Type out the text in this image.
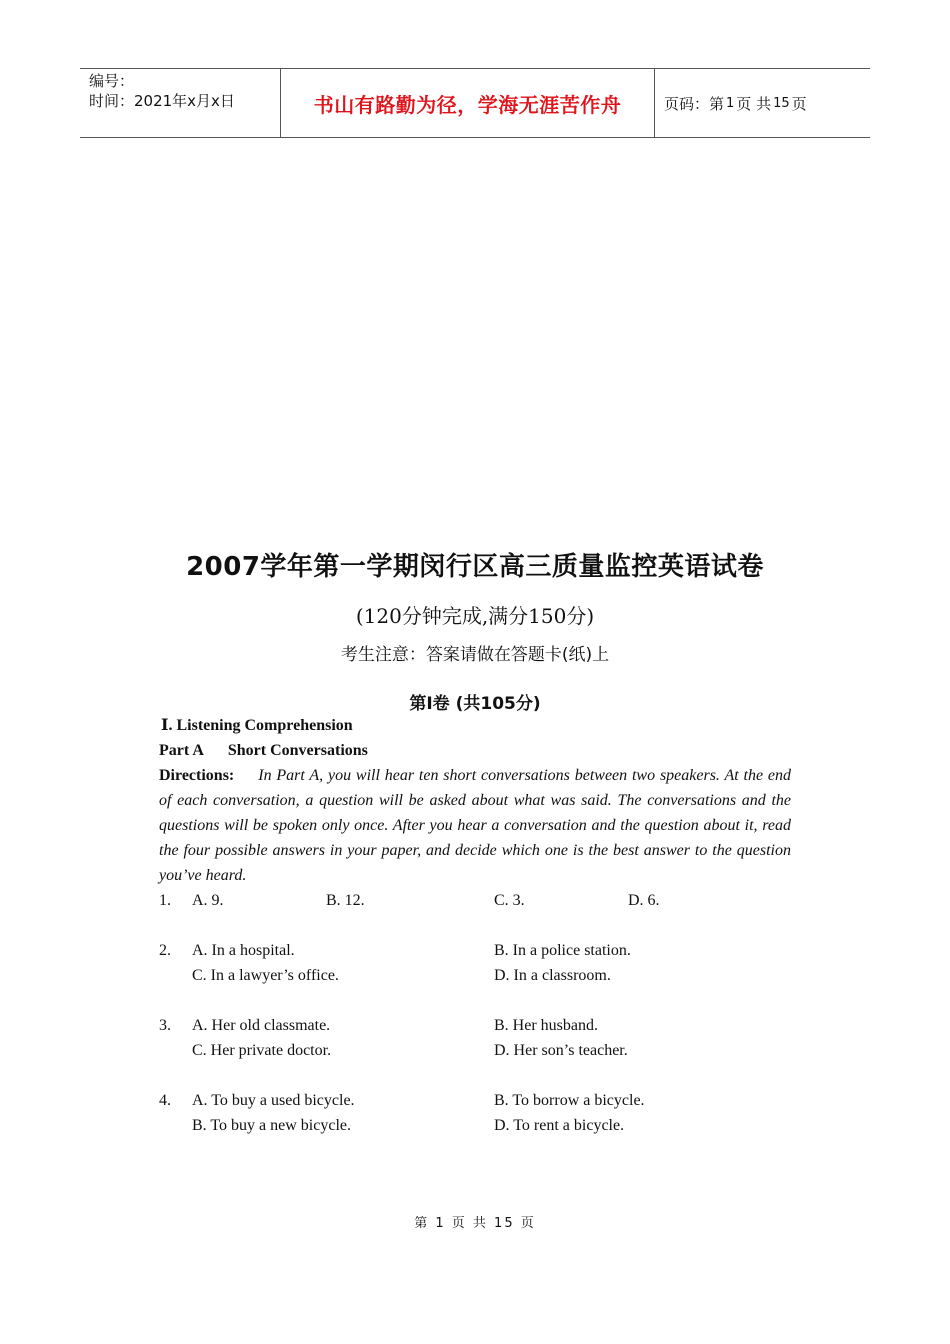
编号：
时间：2021年x月x日	书山有路勤为径，学海无涯苦作舟	页码：第 1 页 共 15 页
2007学年第一学期闵行区高三质量监控英语试卷
(120分钟完成,满分150分)
考生注意：答案请做在答题卡(纸)上
第Ⅰ卷 (共105分)
Ⅰ. Listening Comprehension
Part A Short Conversations
Directions: In Part A, you will hear ten short conversations between two speakers. At the end of each conversation, a question will be asked about what was said. The conversations and the questions will be spoken only once. After you hear a conversation and the question about it, read the four possible answers in your paper, and decide which one is the best answer to the question you’ve heard.
1.	A. 9.	B. 12.	C. 3.	D. 6.
2.	A. In a hospital.	B. In a police station.
C. In a lawyer’s office.	D. In a classroom.
3.	A. Her old classmate.	B. Her husband.
C. Her private doctor.	D. Her son’s teacher.
4.	A. To buy a used bicycle.	B. To borrow a bicycle.
B. To buy a new bicycle.	D. To rent a bicycle.
第 1 页 共 15 页
